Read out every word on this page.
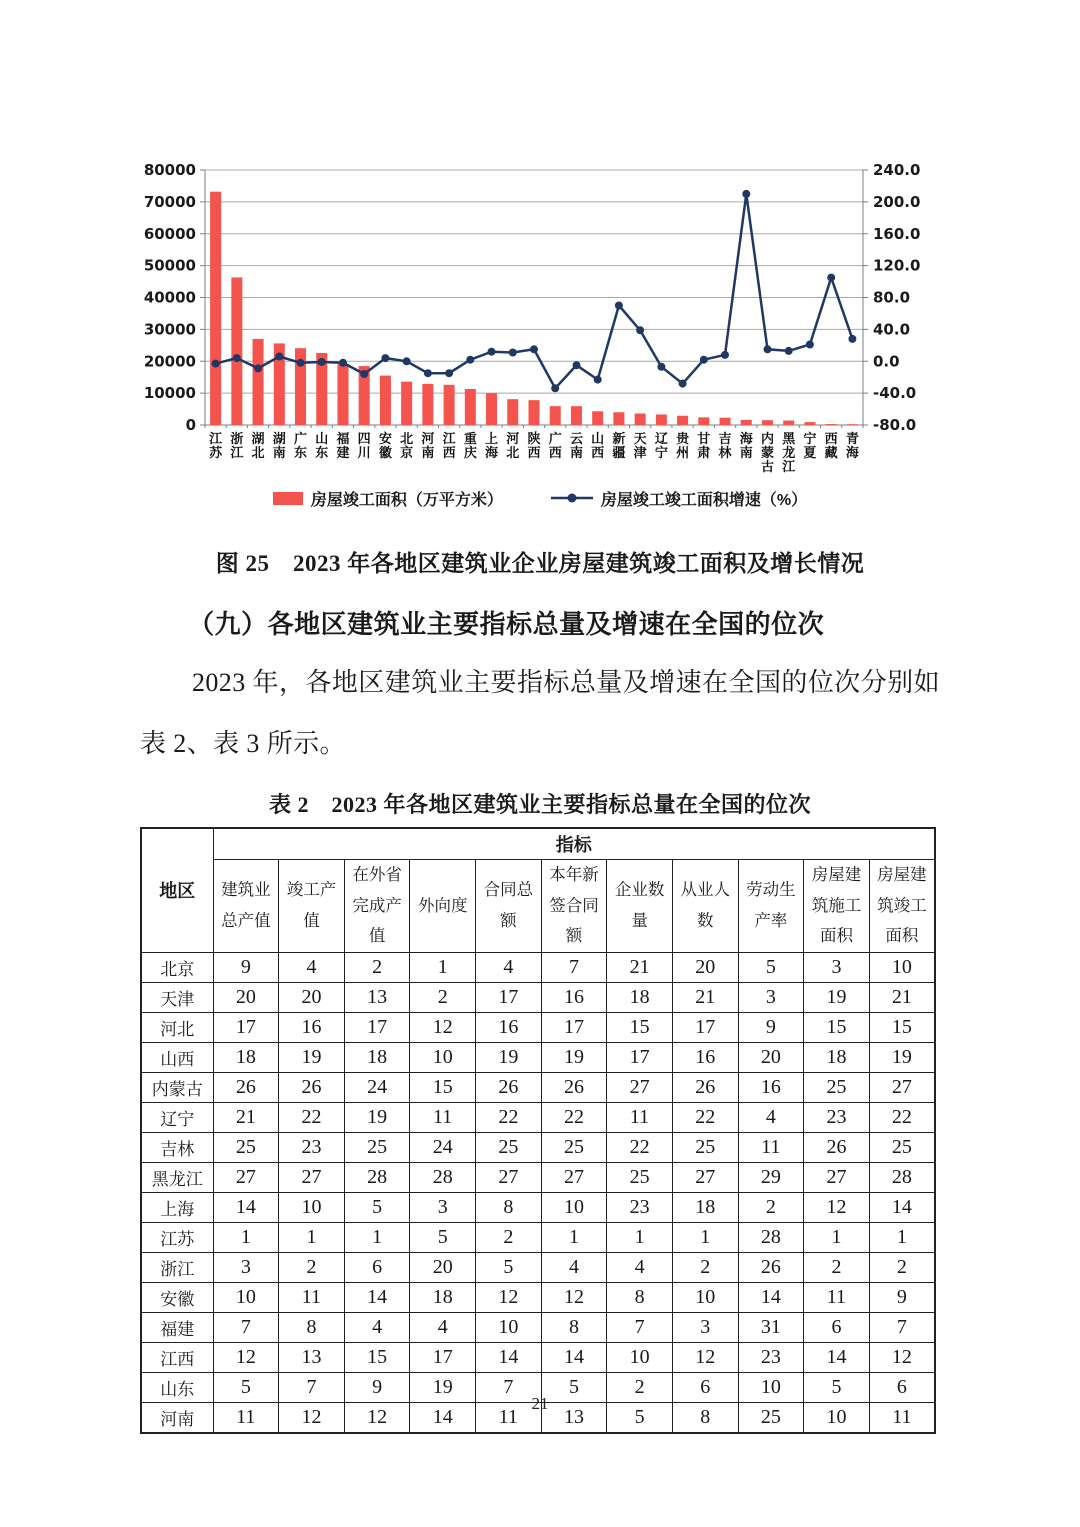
0	-80.0
10000	-40.0
20000	0.0
30000	40.0
40000	80.0
50000	120.0
60000	160.0
70000	200.0
80000	240.0
江苏
浙江
湖北
湖南
广东
山东
福建
四川
安徽
北京
河南
江西
重庆
上海
河北
陕西
广西
云南
山西
新疆
天津
辽宁
贵州
甘肃
吉林
海南
内蒙古
黑龙江
宁夏
西藏
青海
房屋竣工面积（万平方米）	房屋竣工竣工面积增速（%）
图 25　2023 年各地区建筑业企业房屋建筑竣工面积及增长情况
（九）各地区建筑业主要指标总量及增速在全国的位次

2023 年，各地区建筑业主要指标总量及增速在全国的位次分别如表 2、表 3 所示。

表 2　2023 年各地区建筑业主要指标总量在全国的位次
地区	指标										
	建筑业总产值	竣工产值	在外省完成产值	外向度	合同总额	本年新签合同额	企业数量	从业人数	劳动生产率	房屋建筑施工面积	房屋建筑竣工面积
北京	9	4	2	1	4	7	21	20	5	3	10
天津	20	20	13	2	17	16	18	21	3	19	21
河北	17	16	17	12	16	17	15	17	9	15	15
山西	18	19	18	10	19	19	17	16	20	18	19
内蒙古	26	26	24	15	26	26	27	26	16	25	27
辽宁	21	22	19	11	22	22	11	22	4	23	22
吉林	25	23	25	24	25	25	22	25	11	26	25
黑龙江	27	27	28	28	27	27	25	27	29	27	28
上海	14	10	5	3	8	10	23	18	2	12	14
江苏	1	1	1	5	2	1	1	1	28	1	1
浙江	3	2	6	20	5	4	4	2	26	2	2
安徽	10	11	14	18	12	12	8	10	14	11	9
福建	7	8	4	4	10	8	7	3	31	6	7
江西	12	13	15	17	14	14	10	12	23	14	12
山东	5	7	9	19	7	5	2	6	10	5	6
河南	11	12	12	14	11	13	5	8	25	10	11
21
